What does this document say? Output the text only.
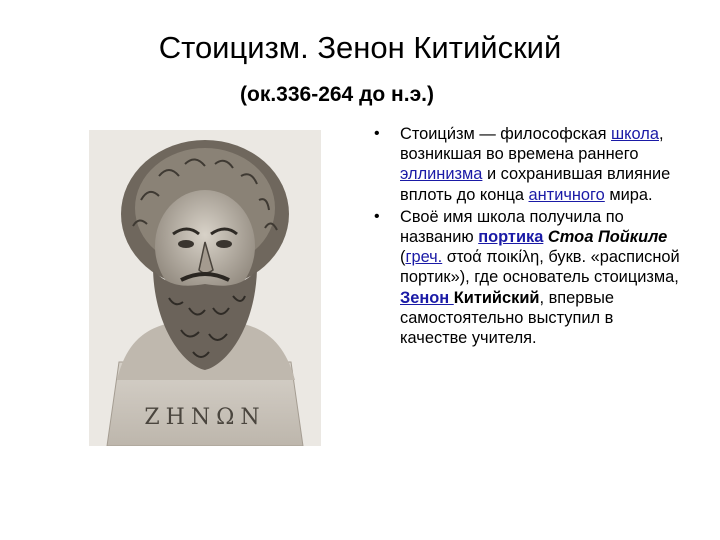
Стоицизм. Зенон Китийский
(ок.336-264 до н.э.)
ZΗΝΩΝ
• Стоици́зм — философская школа, возникшая во времена раннего эллинизма и сохранившая влияние вплоть до конца античного мира.
• Своё имя школа получила по названию портика Стоа Пойкиле (греч. στοά ποικίλη, букв. «расписной портик»), где основатель стоицизма, Зенон Китийский, впервые самостоятельно выступил в качестве учителя.
